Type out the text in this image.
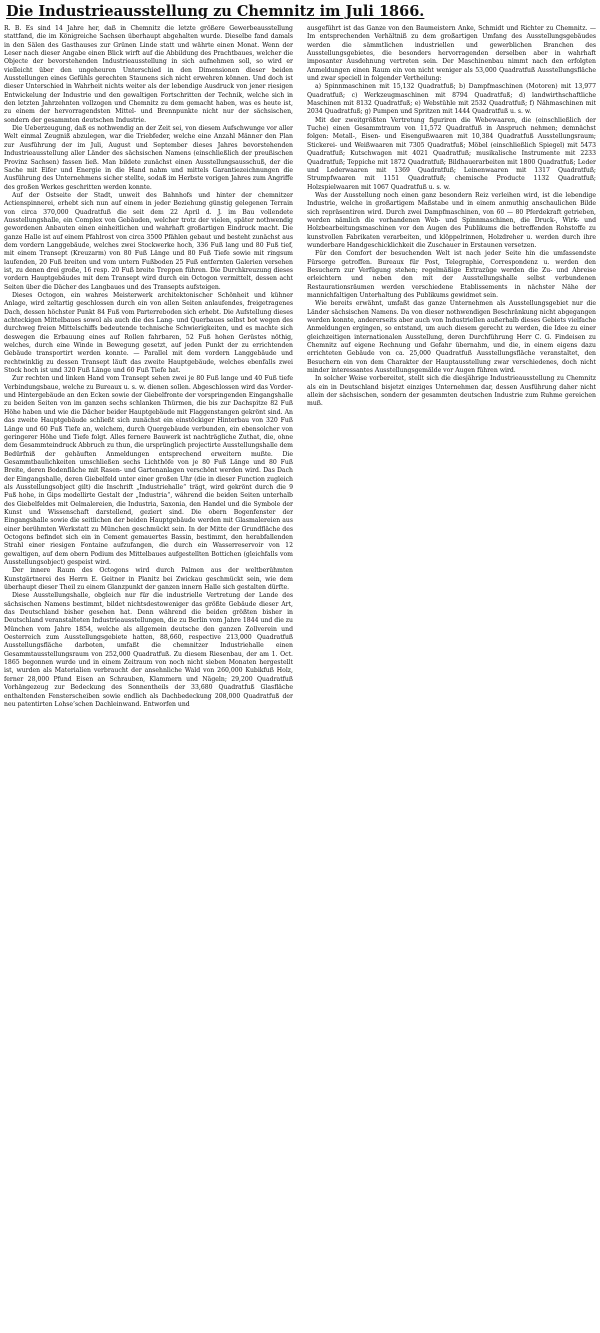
Die Industrieausstellung zu Chemnitz im Juli 1866.

R. B. Es sind 14 Jahre her, daß in Chemnitz die letzte größere Gewerbeausstellung stattfand, die im Königreiche Sachsen überhaupt abgehalten wurde. Dieselbe fand damals in den Sälen des Gasthauses zur Grünen Linde statt und währte einen Monat. Wenn der Leser nach dieser Angabe einen Blick wirft auf die Abbildung des Prachtbaues, welcher die Objecte der bevorstehenden Industrieausstellung in sich aufnehmen soll, so wird er vielleicht über den ungeheuren Unterschied in den Dimensionen dieser beiden Ausstellungen eines Gefühls gerechten Staunens sich nicht erwehren können. Und doch ist dieser Unterschied in Wahrheit nichts weiter als der lebendige Ausdruck von jener riesigen Entwickelung der Industrie und den gewaltigen Fortschritten der Technik, welche sich in den letzten Jahrzehnten vollzogen und Chemnitz zu dem gemacht haben, was es heute ist, zu einem der hervorragendsten Mittel- und Brennpunkte nicht nur der sächsischen, sondern der gesammten deutschen Industrie.

Die Ueberzeugung, daß es nothwendig an der Zeit sei, von diesem Aufschwunge vor aller Welt einmal Zeugniß abzulegen, war die Triebfeder, welche eine Anzahl Männer den Plan zur Ausführung der im Juli, August und September dieses Jahres bevorstehenden Industrieausstellung aller Länder des sächsischen Namens (einschließlich der preußischen Provinz Sachsen) fassen ließ. Man bildete zunächst einen Ausstellungsausschuß, der die Sache mit Eifer und Energie in die Hand nahm und mittels Garantiezeichnungen die Ausführung des Unternehmens sicher stellte, sodaß im Herbste vorigen Jahres zum Angriffe des großen Werkes geschritten werden konnte.

Auf der Ostseite der Stadt, unweit des Bahnhofs und hinter der chemnitzer Actienspinnerei, erhebt sich nun auf einem in jeder Beziehung günstig gelegenen Terrain von circa 370,000 Quadratfuß die seit dem 22 April d. J. im Bau vollendete Ausstellungshalle, ein Complex von Gebäuden, welcher trotz der vielen, später nothwendig gewordenen Anbauten einen einheitlichen und wahrhaft großartigen Eindruck macht. Die ganze Halle ist auf einem Pfahlrost von circa 3500 Pfählen gebaut und besteht zunächst aus dem vordern Langgebäude, welches zwei Stockwerke hoch, 336 Fuß lang und 80 Fuß tief, mit einem Transept (Kreuzarm) von 80 Fuß Länge und 80 Fuß Tiefe sowie mit ringsum laufenden, 20 Fuß breiten und vom untern Fußboden 25 Fuß entfernten Galerien versehen ist, zu denen drei große, 16 resp. 20 Fuß breite Treppen führen. Die Durchkreuzung dieses vordern Hauptgebäudes mit dem Transept wird durch ein Octogon vermittelt, dessen acht Seiten über die Dächer des Langbaues und des Transepts aufsteigen.

Dieses Octogon, ein wahres Meisterwerk architektonischer Schönheit und kühner Anlage, wird zeltartig geschlossen durch ein von allen Seiten anlaufendes, freigetragenes Dach, dessen höchster Punkt 84 Fuß vom Parterreboden sich erhebt. Die Aufstellung dieses achteckigen Mittelbaues sowol als auch die des Lang- und Querbaues selbst bot wegen des durchweg freien Mittelschiffs bedeutende technische Schwierigkeiten, und es machte sich deswegen die Erbauung eines auf Rollen fahrbaren, 52 Fuß hohen Gerüstes nöthig, welches, durch eine Winde in Bewegung gesetzt, auf jeden Punkt der zu errichtenden Gebäude transportirt werden konnte. — Parallel mit dem vordern Langgebäude und rechtwinklig zu dessen Transept läuft das zweite Hauptgebäude, welches ebenfalls zwei Stock hoch ist und 320 Fuß Länge und 60 Fuß Tiefe hat.

Zur rechten und linken Hand vom Transept sehen zwei je 80 Fuß lange und 40 Fuß tiefe Verbindungsbaue, welche zu Bureaux u. s. w. dienen sollen. Abgeschlossen wird das Vorder- und Hintergebäude an den Ecken sowie der Giebelfronte der vorspringenden Eingangshalle zu beiden Seiten von im ganzen sechs schlanken Thürmen, die bis zur Dachspitze 82 Fuß Höhe haben und wie die Dächer beider Hauptgebäude mit Flaggenstangen gekrönt sind. An das zweite Hauptgebäude schließt sich zunächst ein einstöckiger Hinterbau von 320 Fuß Länge und 60 Fuß Tiefe an, welchem, durch Quergebäude verbunden, ein ebensolcher von geringerer Höhe und Tiefe folgt. Alles fernere Bauwerk ist nachträgliche Zuthat, die, ohne dem Gesammteindruck Abbruch zu thun, die ursprünglich projectirte Ausstellungshalle dem Bedürfniß der gehäuften Anmeldungen entsprechend erweitern mußte. Die Gesammtbaulichkeiten umschließen sechs Lichthöfe von je 80 Fuß Länge und 80 Fuß Breite, deren Bodenfläche mit Rasen- und Gartenanlagen verschönt werden wird. Das Dach der Eingangshalle, deren Giebelfeld unter einer großen Uhr (die in dieser Function zugleich als Ausstellungsobject gilt) die Inschrift „Industriehalle“ trägt, wird gekrönt durch die 9 Fuß hohe, in Gips modellirte Gestalt der „Industria“, während die beiden Seiten unterhalb des Giebelfeldes mit Oelmalereien, die Industria, Saxonia, den Handel und die Symbole der Kunst und Wissenschaft darstellend, geziert sind. Die obern Bogenfenster der Eingangshalle sowie die seitlichen der beiden Hauptgebäude werden mit Glasmalereien aus einer berühmten Werkstatt zu München geschmückt sein. In der Mitte der Grundfläche des Octogons befindet sich ein in Cement gemauertes Bassin, bestimmt, den herabfallenden Strahl einer riesigen Fontaine aufzufangen, die durch ein Wasserreservoir von 12 gewaltigen, auf dem obern Podium des Mittelbaues aufgestellten Bottichen (gleichfalls vom Ausstellungsobject) gespeist wird.

Der innere Raum des Octogons wird durch Palmen aus der weltberühmten Kunstgärtnerei des Herrn E. Geitner in Planitz bei Zwickau geschmückt sein, wie dem überhaupt dieser Theil zu einem Glanzpunkt der ganzen innern Halle sich gestalten dürfte.

Diese Ausstellungshalle, obgleich nur für die industrielle Vertretung der Lande des sächsischen Namens bestimmt, bildet nichtsdestoweniger das größte Gebäude dieser Art, das Deutschland bisher gesehen hat. Denn während die beiden größten bisher in Deutschland veranstalteten Industrieausstellungen, die zu Berlin vom Jahre 1844 und die zu München vom Jahre 1854, welche als allgemein deutsche den ganzen Zollverein und Oesterreich zum Ausstellungsgebiete hatten, 88,660, respective 213,000 Quadratfuß Ausstellungsfläche darboten, umfaßt die chemnitzer Industriehalle einen Gesammtausstellungsraum von 252,000 Quadratfuß. Zu diesem Riesenbau, der am 1. Oct. 1865 begonnen wurde und in einem Zeitraum von noch nicht sieben Monaten hergestellt ist, wurden als Materialien verbraucht der ansehnliche Wald von 260,000 Kubikfuß Holz, ferner 28,000 Pfund Eisen an Schrauben, Klammern und Nägeln; 29,200 Quadratfuß Vorhängezeug zur Bedeckung des Sonnentheils der 33,680 Quadratfuß Glasfläche enthaltenden Fensterscheiben sowie endlich als Dachbedeckung 208,000 Quadratfuß der neu patentirten Lohse’schen Dachleinwand. Entworfen und

ausgeführt ist das Ganze von den Baumeistern Anke, Schmidt und Richter zu Chemnitz. — Im entsprechenden Verhältniß zu dem großartigen Umfang des Ausstellungsgebäudes werden die sämmtlichen industriellen und gewerblichen Branchen des Ausstellungsgebietes, die besonders hervorragenden derselben aber in wahrhaft imposanter Ausdehnung vertreten sein. Der Maschinenbau nimmt nach den erfolgten Anmeldungen einen Raum ein von nicht weniger als 53,000 Quadratfuß Ausstellungsfläche und zwar speciell in folgender Vertheilung:

a) Spinnmaschinen mit 15,132 Quadratfuß; b) Dampfmaschinen (Motoren) mit 13,977 Quadratfuß; c) Werkzeugmaschinen mit 8794 Quadratfuß; d) landwirthschaftliche Maschinen mit 8132 Quadratfuß; e) Webstühle mit 2532 Quadratfuß; f) Nähmaschinen mit 2034 Quadratfuß; g) Pumpen und Spritzen mit 1444 Quadratfuß u. s. w.

Mit der zweitgrößten Vertretung figuriren die Webewaaren, die (einschließlich der Tuche) einen Gesammtraum von 11,572 Quadratfuß in Anspruch nehmen; demnächst folgen: Metall-, Eisen- und Eisengußwaaren mit 10,384 Quadratfuß Ausstellungsraum; Stickerei- und Weißwaaren mit 7305 Quadratfuß; Möbel (einschließlich Spiegel) mit 5473 Quadratfuß; Kutschwagen mit 4021 Quadratfuß; musikalische Instrumente mit 2233 Quadratfuß; Teppiche mit 1872 Quadratfuß; Bildhauerarbeiten mit 1800 Quadratfuß; Leder und Lederwaaren mit 1369 Quadratfuß; Leinenwaaren mit 1317 Quadratfuß; Strumpfwaaren mit 1151 Quadratfuß; chemische Producte 1132 Quadratfuß; Holzspielwaaren mit 1067 Quadratfuß u. s. w.

Was der Ausstellung noch einen ganz besondern Reiz verleihen wird, ist die lebendige Industrie, welche in großartigem Maßstabe und in einem anmuthig anschaulichen Bilde sich repräsentiren wird. Durch zwei Dampfmaschinen, von 60 — 80 Pferdekraft getrieben, werden nämlich die vorhandenen Web- und Spinnmaschinen, die Druck-, Wirk- und Holzbearbeitungsmaschinen vor den Augen des Publikums die betreffenden Rohstoffe zu kunstvollen Fabrikaten verarbeiten, und klöppelrinnen, Holzdreher u. werden durch ihre wunderbare Handgeschicklichkeit die Zuschauer in Erstaunen versetzen.

Für den Comfort der besuchenden Welt ist nach jeder Seite hin die umfassendste Fürsorge getroffen. Bureaux für Post, Telegraphie, Correspondenz u. werden den Besuchern zur Verfügung stehen; regelmäßige Extrazüge werden die Zu- und Abreise erleichtern und neben den mit der Ausstellungshalle selbst verbundenen Restaurationsräumen werden verschiedene Etablissements in nächster Nähe der mannichfaltigen Unterhaltung des Publikums gewidmet sein.

Wie bereits erwähnt, umfaßt das ganze Unternehmen als Ausstellungsgebiet nur die Länder sächsischen Namens. Da von dieser nothwendigen Beschränkung nicht abgegangen werden konnte, andererseits aber auch von Industriellen außerhalb dieses Gebiets vielfache Anmeldungen ergingen, so entstand, um auch diesem gerecht zu werden, die Idee zu einer gleichzeitigen internationalen Ausstellung, deren Durchführung Herr C. G. Findeisen zu Chemnitz auf eigene Rechnung und Gefahr übernahm, und die, in einem eigens dazu errichteten Gebäude von ca. 25,000 Quadratfuß Ausstellungsfläche veranstaltet, den Besuchern ein von dem Charakter der Hauptausstellung zwar verschiedenes, doch nicht minder interessantes Ausstellungsgemälde vor Augen führen wird.

In solcher Weise vorbereitet, stellt sich die diesjährige Industrieausstellung zu Chemnitz als ein in Deutschland bisjetzt einziges Unternehmen dar, dessen Ausführung daher nicht allein der sächsischen, sondern der gesammten deutschen Industrie zum Ruhme gereichen muß.
